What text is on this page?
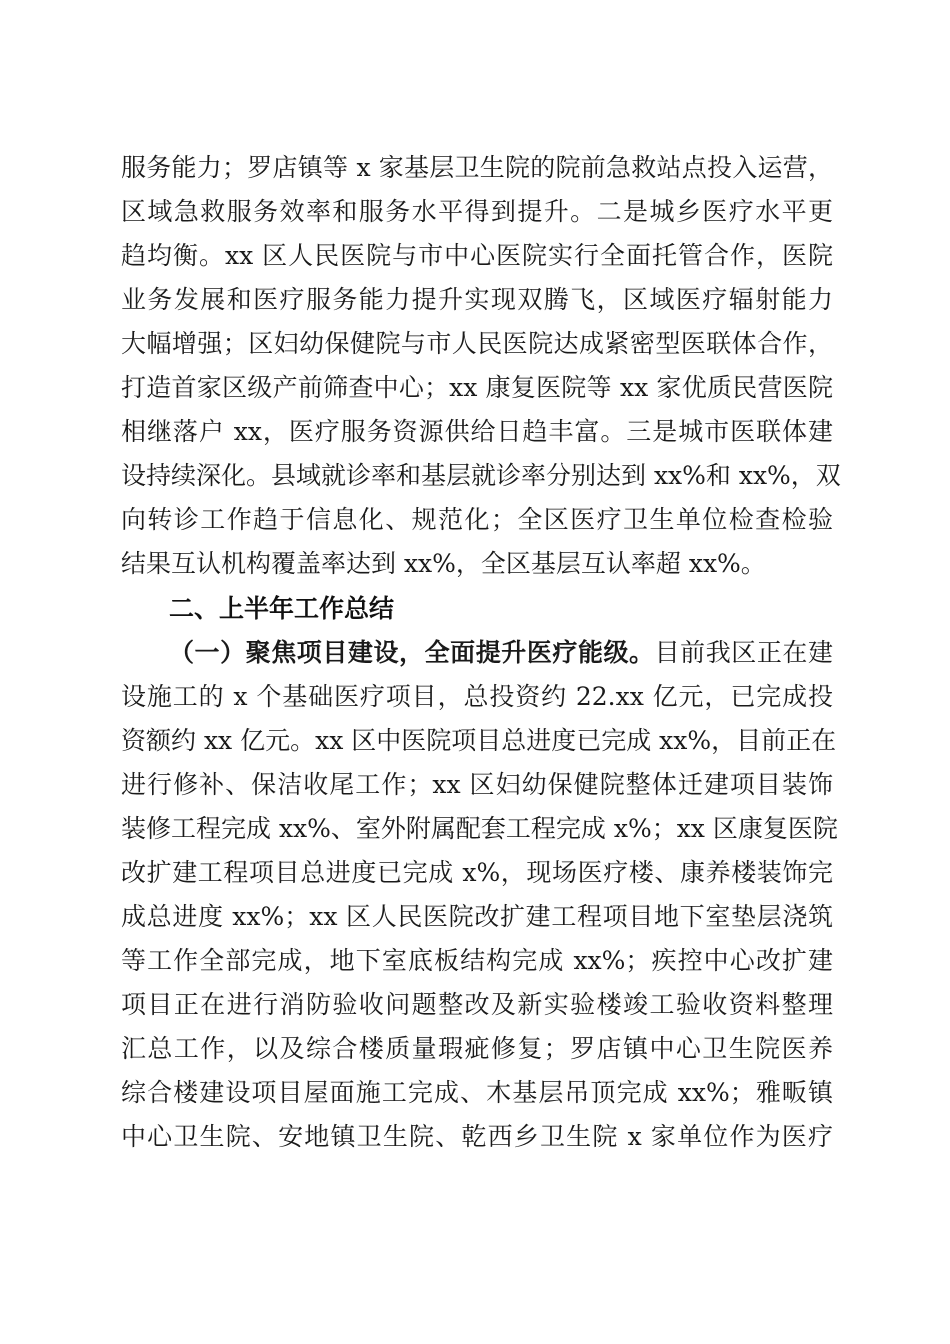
服务能力；罗店镇等 x 家基层卫生院的院前急救站点投入运营，
区域急救服务效率和服务水平得到提升。二是城乡医疗水平更
趋均衡。xx 区人民医院与市中心医院实行全面托管合作，医院
业务发展和医疗服务能力提升实现双腾飞，区域医疗辐射能力
大幅增强；区妇幼保健院与市人民医院达成紧密型医联体合作，
打造首家区级产前筛查中心；xx 康复医院等 xx 家优质民营医院
相继落户 xx，医疗服务资源供给日趋丰富。三是城市医联体建
设持续深化。县域就诊率和基层就诊率分别达到 xx%和 xx%，双
向转诊工作趋于信息化、规范化；全区医疗卫生单位检查检验
结果互认机构覆盖率达到 xx%，全区基层互认率超 xx%。
二、上半年工作总结
（一）聚焦项目建设，全面提升医疗能级。目前我区正在建
设施工的 x 个基础医疗项目，总投资约 22.xx 亿元，已完成投
资额约 xx 亿元。xx 区中医院项目总进度已完成 xx%，目前正在
进行修补、保洁收尾工作；xx 区妇幼保健院整体迁建项目装饰
装修工程完成 xx%、室外附属配套工程完成 x%；xx 区康复医院
改扩建工程项目总进度已完成 x%，现场医疗楼、康养楼装饰完
成总进度 xx%；xx 区人民医院改扩建工程项目地下室垫层浇筑
等工作全部完成，地下室底板结构完成 xx%；疾控中心改扩建
项目正在进行消防验收问题整改及新实验楼竣工验收资料整理
汇总工作，以及综合楼质量瑕疵修复；罗店镇中心卫生院医养
综合楼建设项目屋面施工完成、木基层吊顶完成 xx%；雅畈镇
中心卫生院、安地镇卫生院、乾西乡卫生院 x 家单位作为医疗
